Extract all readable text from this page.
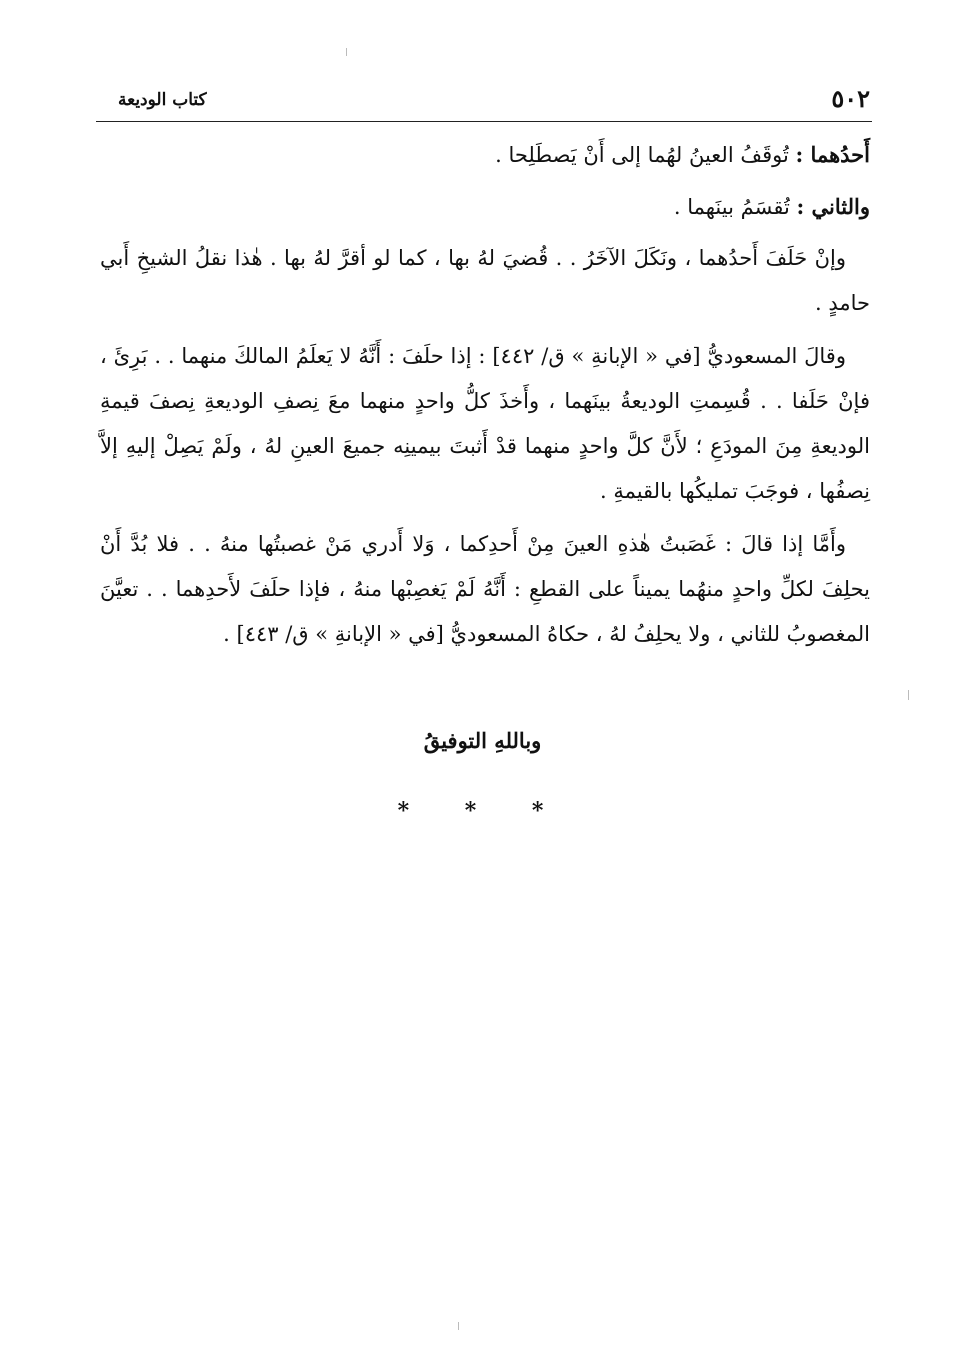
٥٠٢
كتاب الوديعة

أَحدُهما : تُوقَفُ العينُ لهُما إلى أَنْ يَصطَلِحا .

والثاني : تُقسَمُ بينَهما .

وإنْ حَلَفَ أَحدُهما ، ونَكَلَ الآخَرُ . . قُضيَ لهُ بها ، كما لو أقرَّ لهُ بها . هٰذا نقلُ الشيخِ أَبي حامدٍ .

وقالَ المسعوديُّ [في « الإبانةِ » ق/ ٤٤٢] : إذا حلَفَ : أَنَّهُ لا يَعلَمُ المالكَ منهما . . بَرِئَ ، فإنْ حَلَفا . . قُسِمتِ الوديعةُ بينَهما ، وأَخذَ كلُّ واحدٍ منهما معَ نِصفِ الوديعةِ نِصفَ قيمةِ الوديعةِ مِنَ المودَعِ ؛ لأَنَّ كلَّ واحدٍ منهما قدْ أَثبتَ بيمينِه جميعَ العينِ لهُ ، ولَمْ يَصِلْ إليهِ إلاَّ نِصفُها ، فوجَبَ تمليكُها بالقيمةِ .

وأَمَّا إذا قالَ : غَصَبتُ هٰذهِ العينَ مِنْ أَحدِكما ، وَلا أَدري مَنْ غصبتُها منهُ . . فلا بُدَّ أَنْ يحلِفَ لكلِّ واحدٍ منهُما يميناً على القطعِ : أَنَّهُ لَمْ يَغصِبْها منهُ ، فإذا حلَفَ لأَحدِهما . . تعيَّنَ المغصوبُ للثاني ، ولا يحلِفُ لهُ ، حكاهُ المسعوديُّ [في « الإبانةِ » ق/ ٤٤٣] .

وباللهِ التوفيقُ
* * *
